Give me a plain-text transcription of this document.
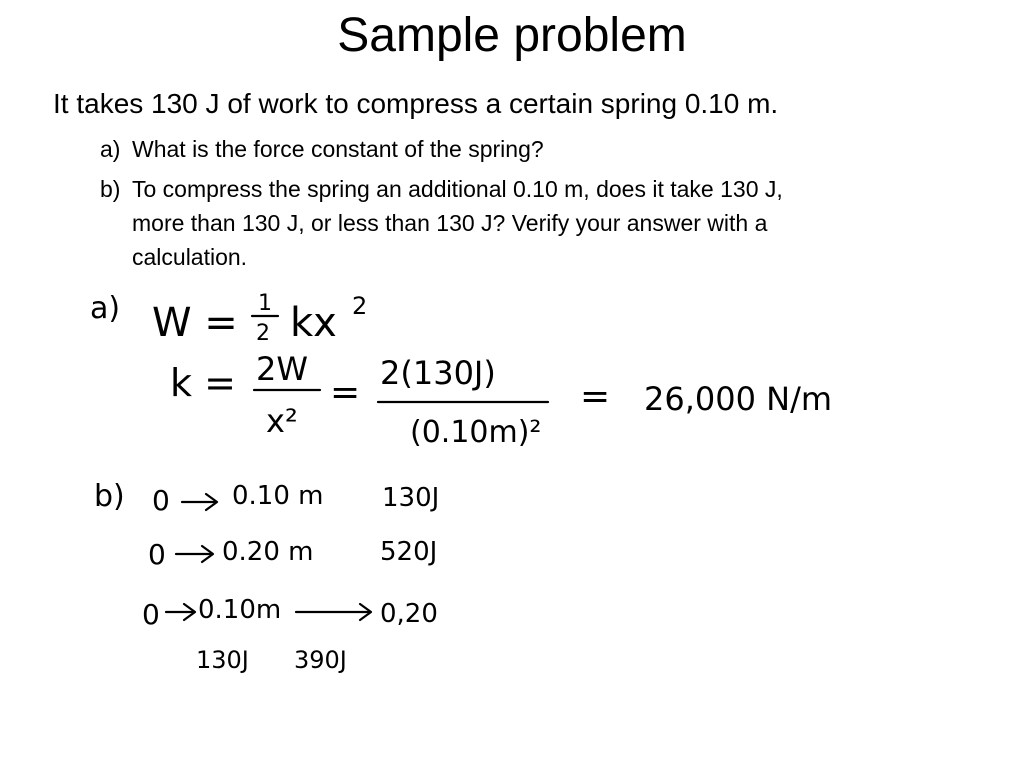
Sample problem
It takes 130 J of work to compress a certain spring 0.10 m.
a) What is the force constant of the spring?
b) To compress the spring an additional 0.10 m, does it take 130 J,
more than 130 J, or less than 130 J? Verify your answer with a
calculation.
a) W = 1
2 kx 2
k = 2W
x²
= 2(130J)
(0.10m)²
= 26,000 N/m
b) 0 0.10 m 130J
0 0.20 m	520J
0 0.10m	0,20
130J 390J
